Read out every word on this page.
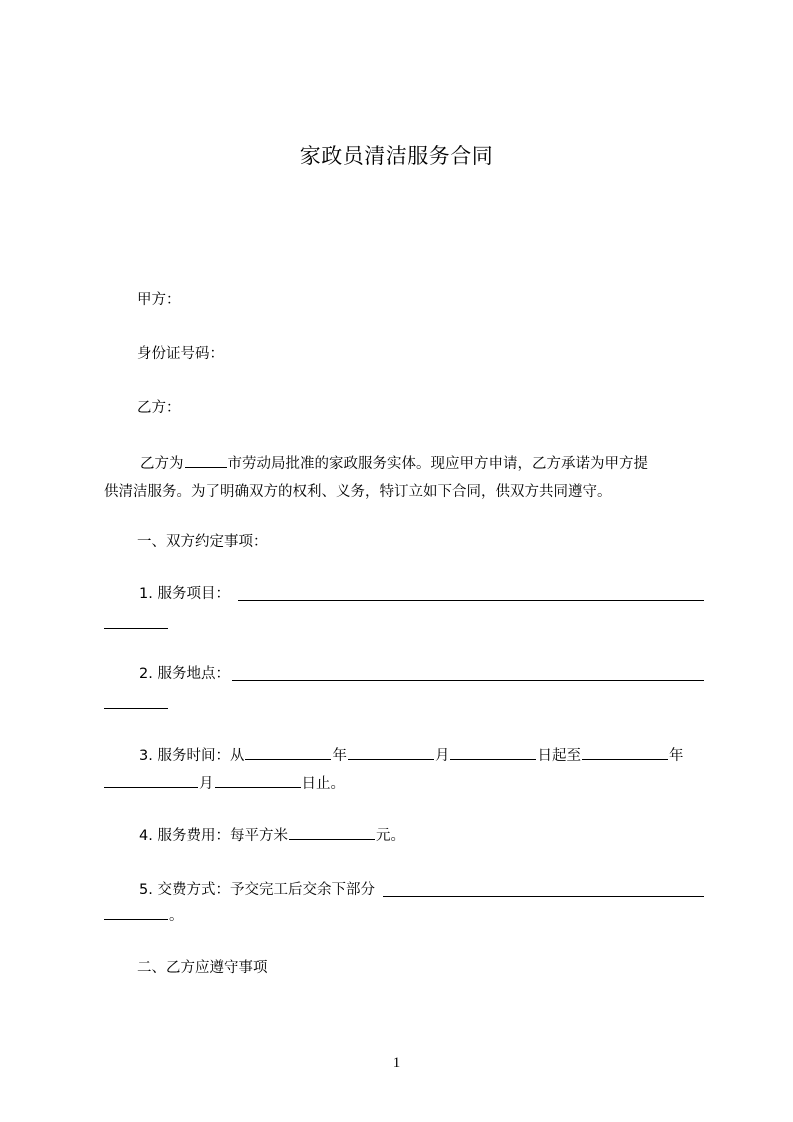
家政员清洁服务合同
甲方：
身份证号码：
乙方：
乙方为	市劳动局批准的家政服务实体。现应甲方申请，乙方承诺为甲方提
供清洁服务。为了明确双方的权利、义务，特订立如下合同，供双方共同遵守。
一、双方约定事项：
1. 服务项目：
2. 服务地点：
3. 服务时间：从	年	月	日起至	年
月	日止。
4. 服务费用：每平方米	元。
5. 交费方式：予交完工后交余下部分
。
二、乙方应遵守事项
1
